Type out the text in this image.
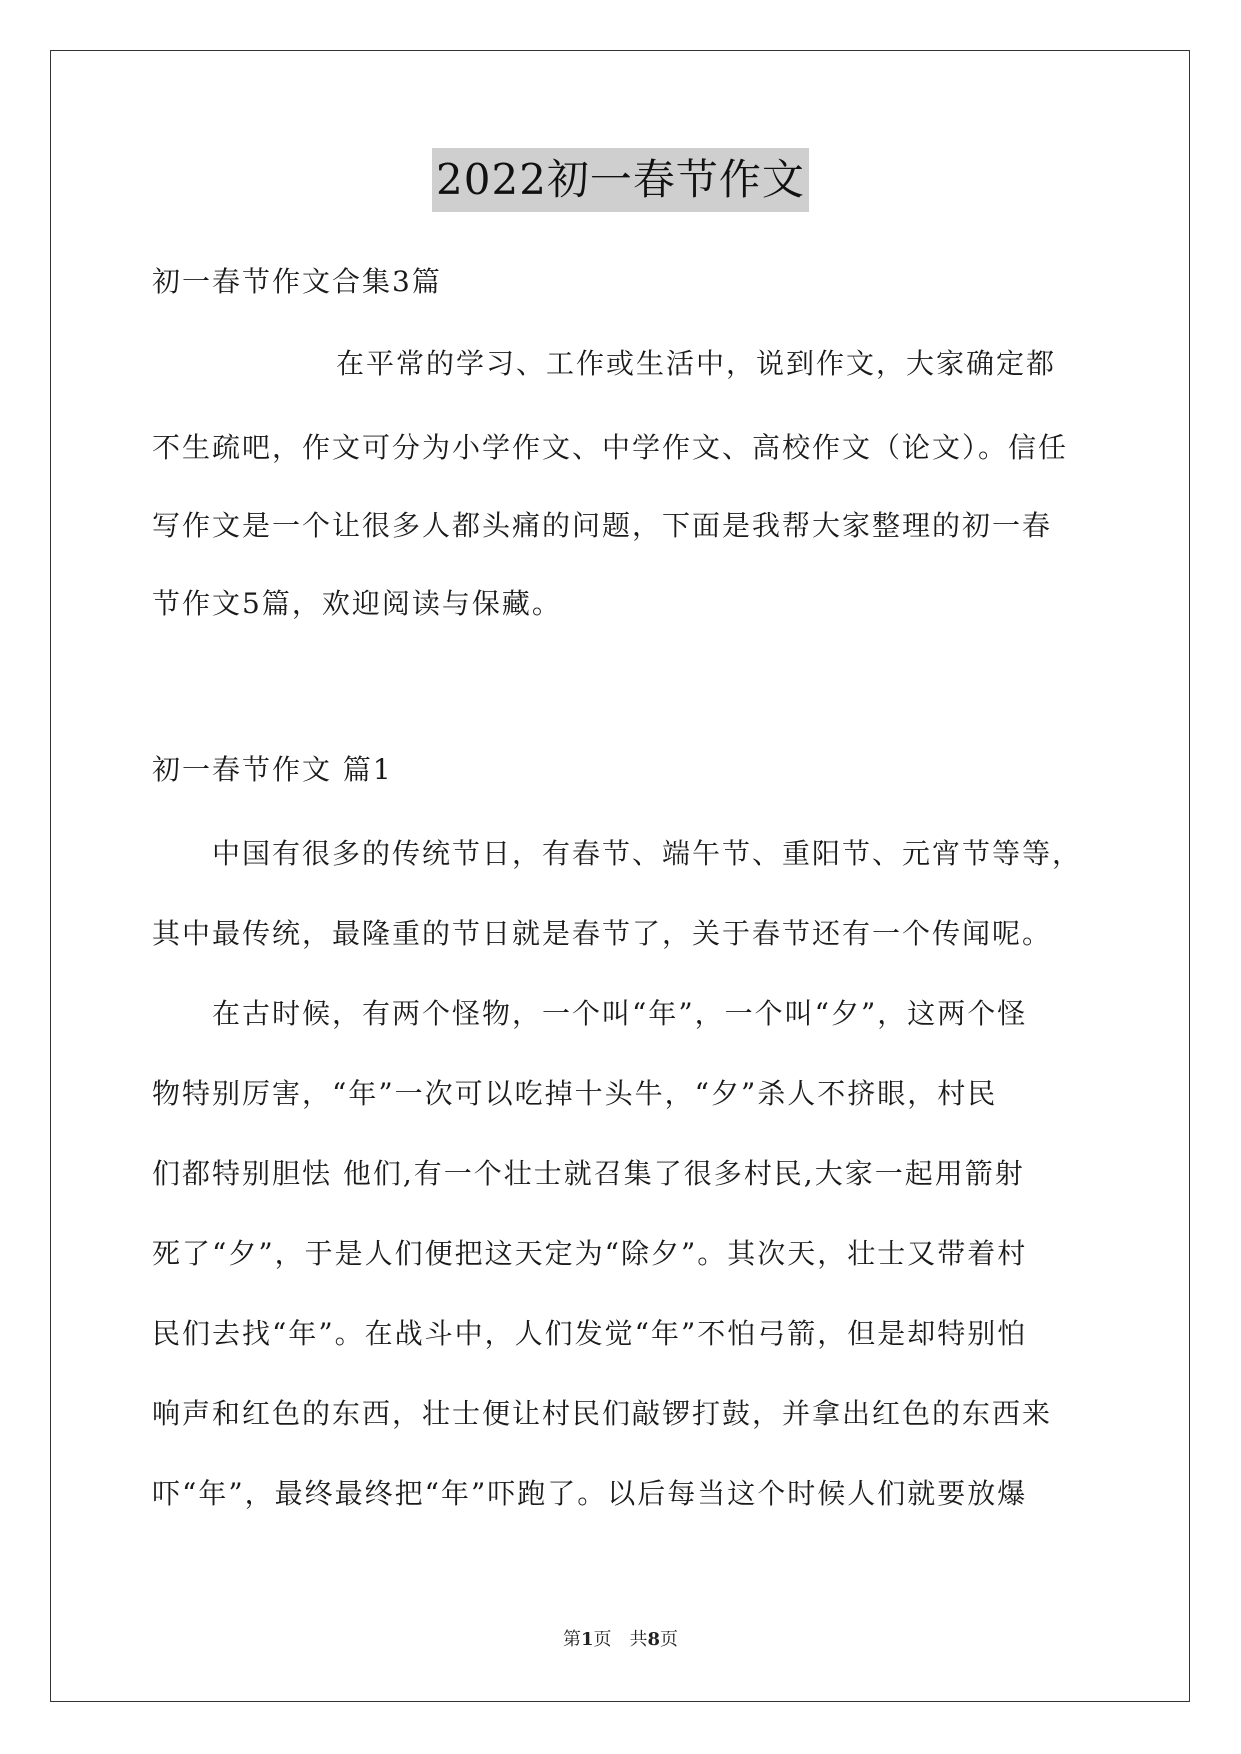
2022初一春节作文
初一春节作文合集3篇
在平常的学习、工作或生活中，说到作文，大家确定都
不生疏吧，作文可分为小学作文、中学作文、高校作文（论文）。信任
写作文是一个让很多人都头痛的问题，下面是我帮大家整理的初一春
节作文5篇，欢迎阅读与保藏。
初一春节作文 篇1
中国有很多的传统节日，有春节、端午节、重阳节、元宵节等等，
其中最传统，最隆重的节日就是春节了，关于春节还有一个传闻呢。
在古时候，有两个怪物，一个叫“年”，一个叫“夕”，这两个怪
物特别厉害，“年”一次可以吃掉十头牛，“夕”杀人不挤眼，村民
们都特别胆怯 他们,有一个壮士就召集了很多村民,大家一起用箭射
死了“夕”，于是人们便把这天定为“除夕”。其次天，壮士又带着村
民们去找“年”。在战斗中，人们发觉“年”不怕弓箭，但是却特别怕
响声和红色的东西，壮士便让村民们敲锣打鼓，并拿出红色的东西来
吓“年”，最终最终把“年”吓跑了。以后每当这个时候人们就要放爆
第1页 共8页
